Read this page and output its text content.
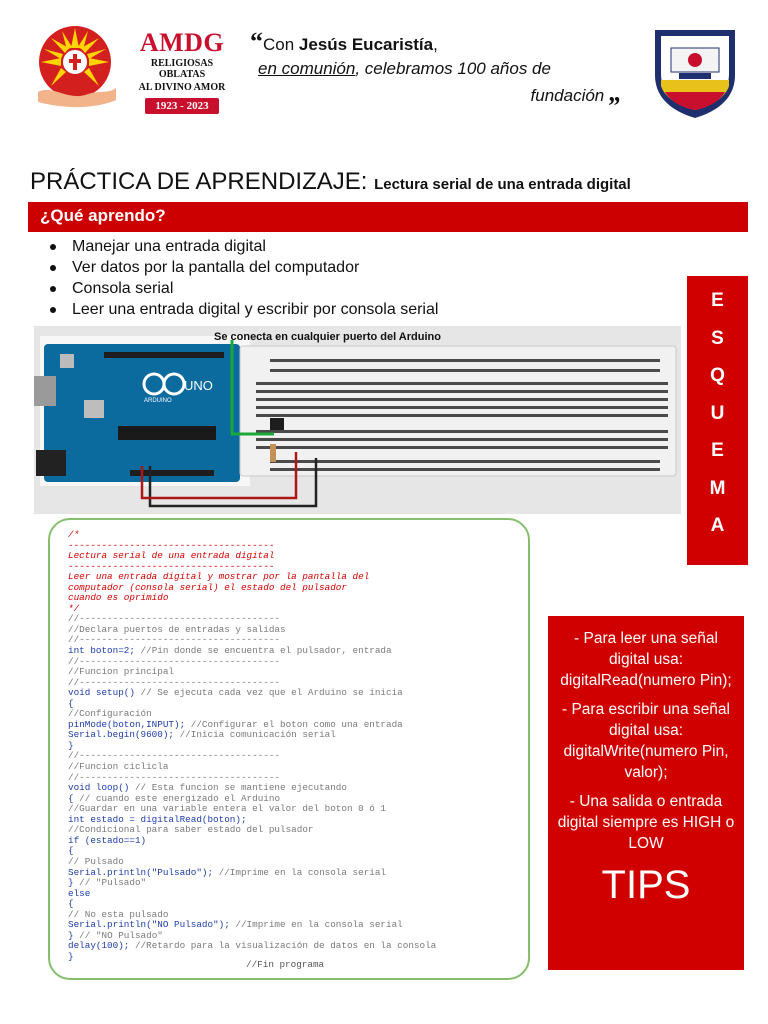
AMDG
RELIGIOSAS OBLATAS
AL DIVINO AMOR
1923 - 2023
“Con Jesús Eucaristía,
en comunión, celebramos 100 años de
fundación „
PRÁCTICA DE APRENDIZAJE: Lectura serial de una entrada digital
¿Qué aprendo?
Manejar una entrada digital
Ver datos por la pantalla del computador
Consola serial
Leer una entrada digital y escribir por consola serial
UNO
ARDUINO
Se conecta en cualquier puerto del Arduino
E
S
Q
U
E
M
A
/*
-------------------------------------
Lectura serial de una entrada digital
-------------------------------------
Leer una entrada digital y mostrar por la pantalla del
computador (consola serial) el estado del pulsador
cuando es oprimido
*/
//------------------------------------
//Declara puertos de entradas y salidas
//------------------------------------
int boton=2; //Pin donde se encuentra el pulsador, entrada
//------------------------------------
//Funcion principal
//------------------------------------
void setup() // Se ejecuta cada vez que el Arduino se inicia
{
//Configuración
pinMode(boton,INPUT); //Configurar el boton como una entrada
Serial.begin(9600); //Inicia comunicación serial
}
//------------------------------------
//Funcion ciclicla
//------------------------------------
void loop() // Esta funcion se mantiene ejecutando
{ // cuando este energizado el Arduino
//Guardar en una variable entera el valor del boton 0 ó 1
int estado = digitalRead(boton);
//Condicional para saber estado del pulsador
if (estado==1)
{
// Pulsado
Serial.println("Pulsado"); //Imprime en la consola serial
} // "Pulsado"
else
{
// No esta pulsado
Serial.println("NO Pulsado"); //Imprime en la consola serial
} // "NO Pulsado"
delay(100); //Retardo para la visualización de datos en la consola
}
//Fin programa

- Para leer una señal digital usa: digitalRead(numero Pin);

- Para escribir una señal digital usa: digitalWrite(numero Pin, valor);

- Una salida o entrada digital siempre es HIGH o LOW

TIPS
